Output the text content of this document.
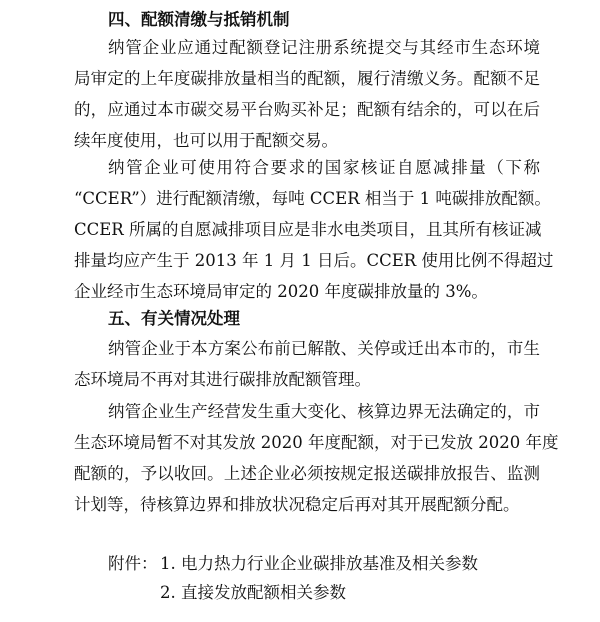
四、配额清缴与抵销机制
纳管企业应通过配额登记注册系统提交与其经市生态环境
局审定的上年度碳排放量相当的配额，履行清缴义务。配额不足
的，应通过本市碳交易平台购买补足；配额有结余的，可以在后
续年度使用，也可以用于配额交易。
纳管企业可使用符合要求的国家核证自愿减排量（下称
“CCER”）进行配额清缴，每吨 CCER 相当于 1 吨碳排放配额。
CCER 所属的自愿减排项目应是非水电类项目，且其所有核证减
排量均应产生于 2013 年 1 月 1 日后。CCER 使用比例不得超过
企业经市生态环境局审定的 2020 年度碳排放量的 3%。
五、有关情况处理
纳管企业于本方案公布前已解散、关停或迁出本市的，市生
态环境局不再对其进行碳排放配额管理。
纳管企业生产经营发生重大变化、核算边界无法确定的，市
生态环境局暂不对其发放 2020 年度配额，对于已发放 2020 年度
配额的，予以收回。上述企业必须按规定报送碳排放报告、监测
计划等，待核算边界和排放状况稳定后再对其开展配额分配。
附件： 1. 电力热力行业企业碳排放基准及相关参数
2. 直接发放配额相关参数
